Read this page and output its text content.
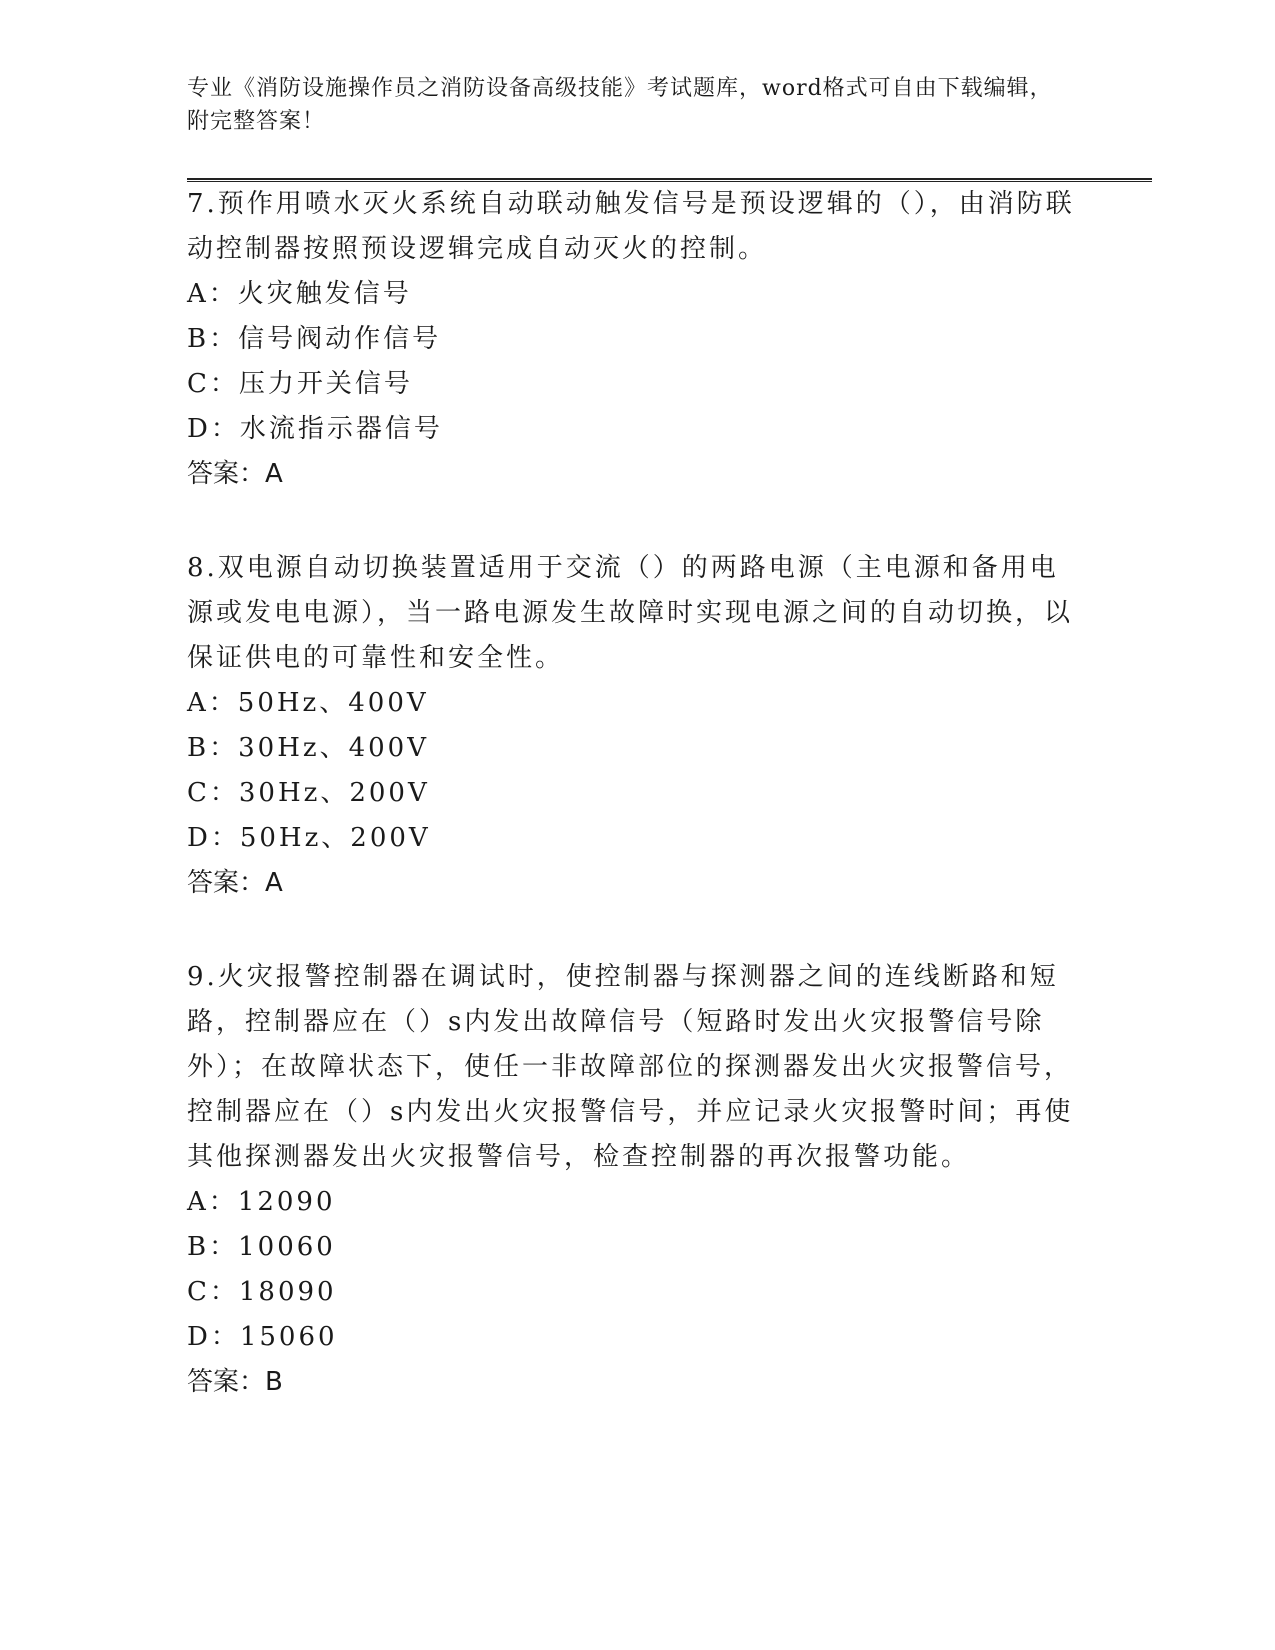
专业《消防设施操作员之消防设备高级技能》考试题库，word格式可自由下载编辑，附完整答案！

7.预作用喷水灭火系统自动联动触发信号是预设逻辑的（），由消防联动控制器按照预设逻辑完成自动灭火的控制。

A：火灾触发信号
B：信号阀动作信号
C：压力开关信号
D：水流指示器信号

答案：A

8.双电源自动切换装置适用于交流（）的两路电源（主电源和备用电源或发电电源），当一路电源发生故障时实现电源之间的自动切换，以保证供电的可靠性和安全性。

A：50Hz、400V
B：30Hz、400V
C：30Hz、200V
D：50Hz、200V

答案：A

9.火灾报警控制器在调试时，使控制器与探测器之间的连线断路和短路，控制器应在（）s内发出故障信号（短路时发出火灾报警信号除外）；在故障状态下，使任一非故障部位的探测器发出火灾报警信号，控制器应在（）s内发出火灾报警信号，并应记录火灾报警时间；再使其他探测器发出火灾报警信号，检查控制器的再次报警功能。

A：12090
B：10060
C：18090
D：15060

答案：B
